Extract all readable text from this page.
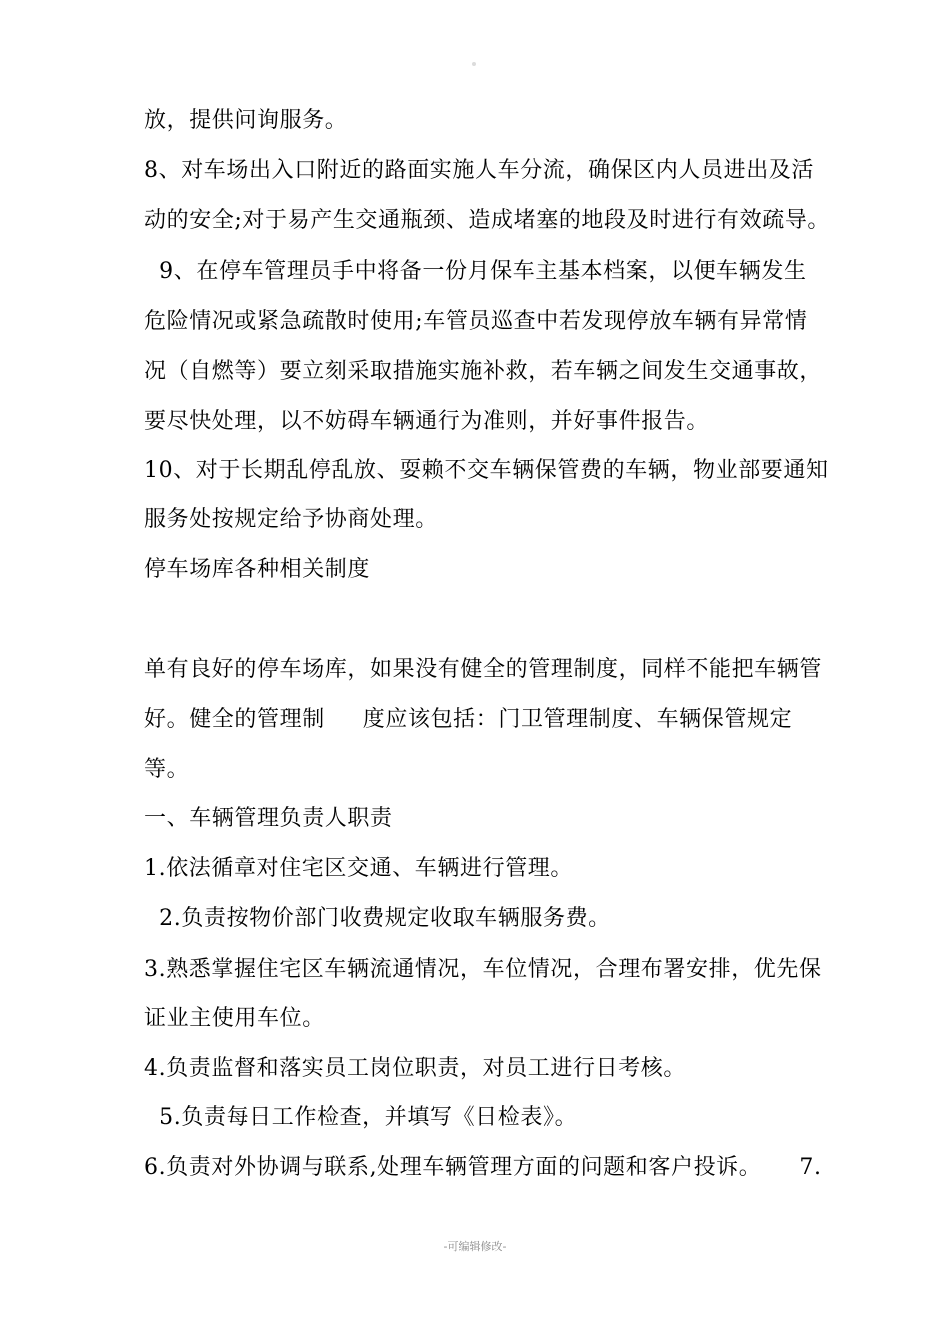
放，提供问询服务。
8、对车场出入口附近的路面实施人车分流，确保区内人员进出及活
动的安全;对于易产生交通瓶颈、造成堵塞的地段及时进行有效疏导。
9、在停车管理员手中将备一份月保车主基本档案，以便车辆发生
危险情况或紧急疏散时使用;车管员巡查中若发现停放车辆有异常情
况（自燃等）要立刻采取措施实施补救，若车辆之间发生交通事故，
要尽快处理，以不妨碍车辆通行为准则，并好事件报告。
10、对于长期乱停乱放、耍赖不交车辆保管费的车辆，物业部要通知
服务处按规定给予协商处理。
停车场库各种相关制度
单有良好的停车场库，如果没有健全的管理制度，同样不能把车辆管
好。健全的管理制     度应该包括：门卫管理制度、车辆保管规定
等。
一、车辆管理负责人职责
1.依法循章对住宅区交通、车辆进行管理。
2.负责按物价部门收费规定收取车辆服务费。
3.熟悉掌握住宅区车辆流通情况，车位情况，合理布署安排，优先保
证业主使用车位。
4.负责监督和落实员工岗位职责，对员工进行日考核。
5.负责每日工作检查，并填写《日检表》。
6.负责对外协调与联系,处理车辆管理方面的问题和客户投诉。     7.
-可编辑修改-
